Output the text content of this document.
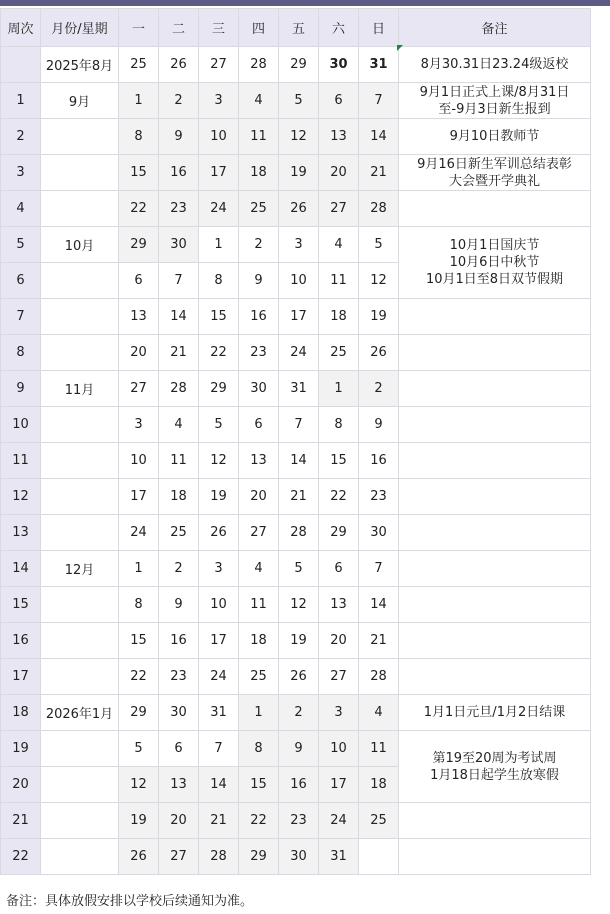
周次	月份/星期	一	二	三	四	五	六	日	备注
	2025年8月	25	26	27	28	29	30	31	8月30.31日23.24级返校

1	9月	1	2	3	4	5	6	7	9月1日正式上课/8月31日
至-9月3日新生报到

2		8	9	10	11	12	13	14	9月10日教师节

3		15	16	17	18	19	20	21	9月16日新生军训总结表彰
大会暨开学典礼

4		22	23	24	25	26	27	28	
5	10月	29	30	1	2	3	4	5	10月1日国庆节
10月6日中秋节
10月1日至8日双节假期

6		6	7	8	9	10	11	12	
7		13	14	15	16	17	18	19	
8		20	21	22	23	24	25	26	
9	11月	27	28	29	30	31	1	2	
10		3	4	5	6	7	8	9	
11		10	11	12	13	14	15	16	
12		17	18	19	20	21	22	23	
13		24	25	26	27	28	29	30	
14	12月	1	2	3	4	5	6	7	
15		8	9	10	11	12	13	14	
16		15	16	17	18	19	20	21	
17		22	23	24	25	26	27	28	
18	2026年1月	29	30	31	1	2	3	4	1月1日元旦/1月2日结课

19		5	6	7	8	9	10	11	第19至20周为考试周
1月18日起学生放寒假

20		12	13	14	15	16	17	18	
21		19	20	21	22	23	24	25	
22		26	27	28	29	30	31		
备注：具体放假安排以学校后续通知为准。
